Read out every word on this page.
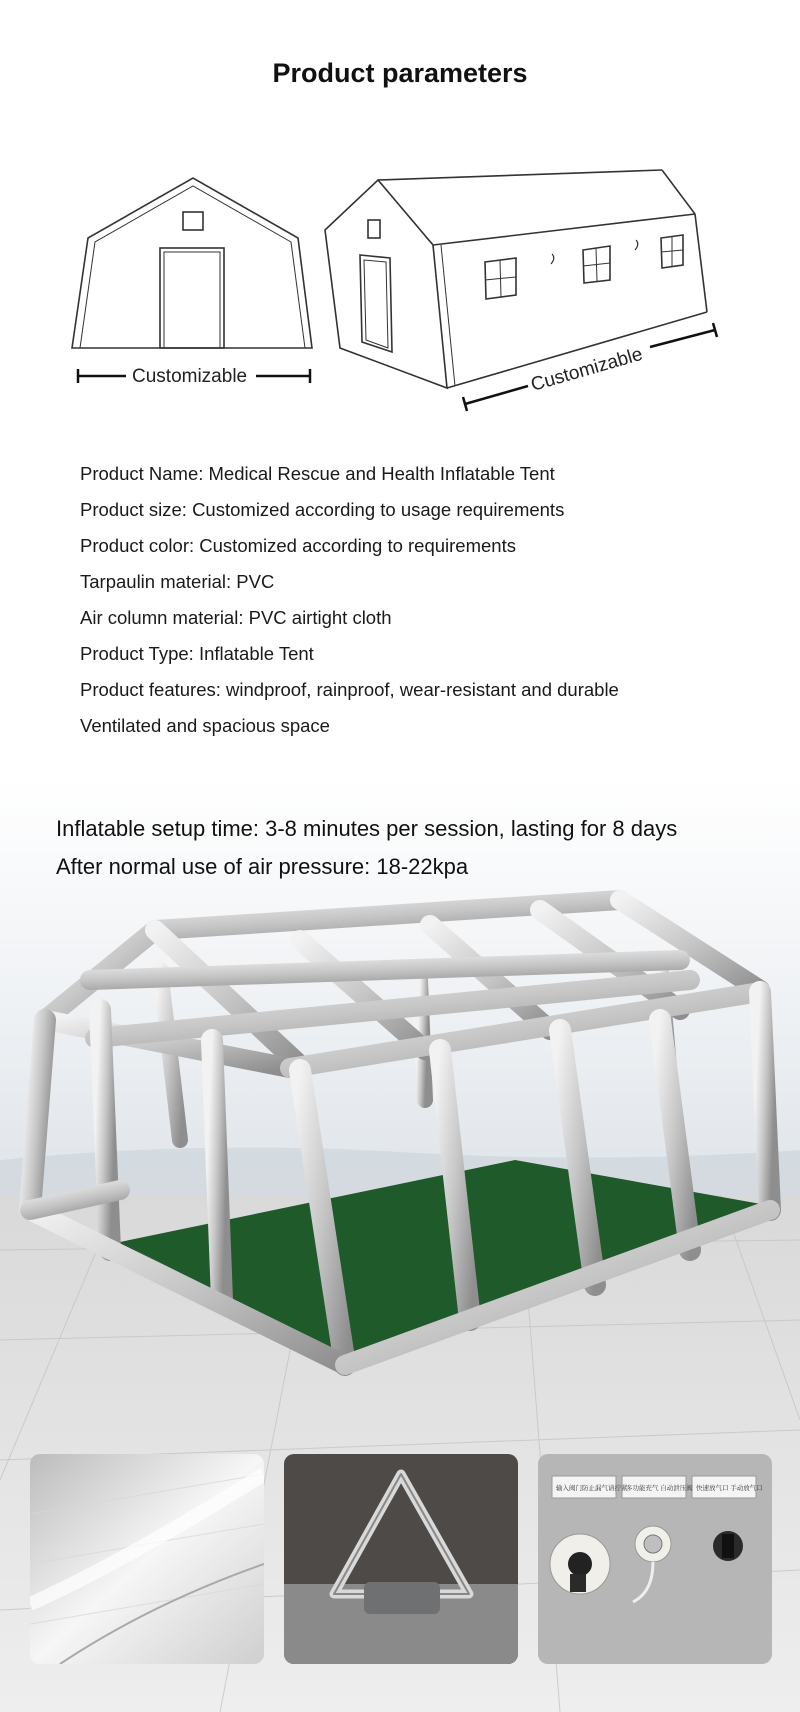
Product parameters
Customizable	Customizable
Product Name: Medical Rescue and Health Inflatable Tent
Product size: Customized according to usage requirements
Product color: Customized according to requirements
Tarpaulin material: PVC
Air column material: PVC airtight cloth
Product Type: Inflatable Tent
Product features: windproof, rainproof, wear-resistant and durable
Ventilated and spacious space
Inflatable setup time: 3-8 minutes per session, lasting for 8 days
After normal use of air pressure: 18-22kpa
输入阀门防止漏气请拧紧
多功能充气 自动泄压阀 快速放气口 手动放气口
